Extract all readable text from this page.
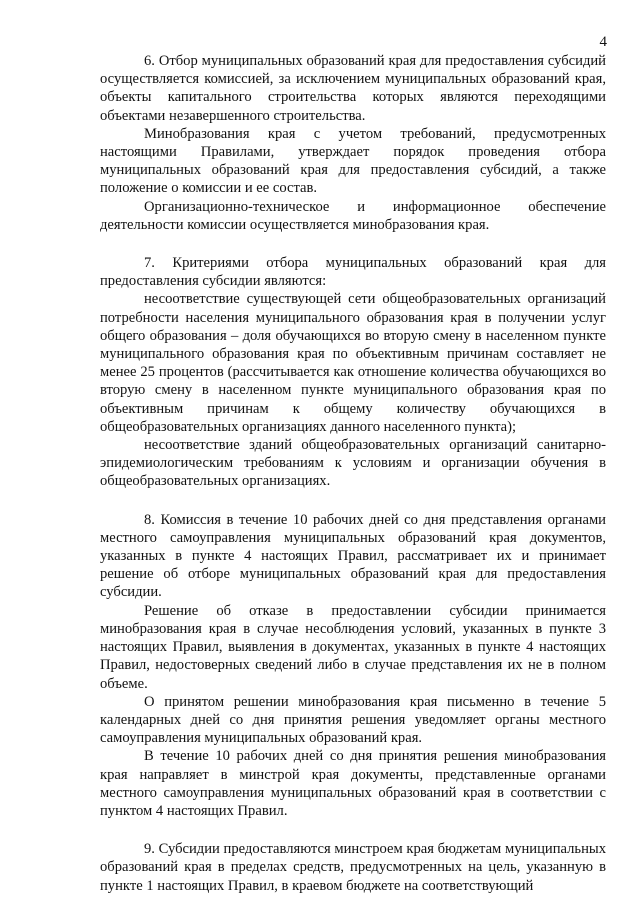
4

6. Отбор муниципальных образований края для предоставления субсидий осуществляется комиссией, за исключением муниципальных образований края, объекты капитального строительства которых являются переходящими объектами незавершенного строительства.

Минобразования края с учетом требований, предусмотренных настоящими Правилами, утверждает порядок проведения отбора муниципальных образований края для предоставления субсидий, а также положение о комиссии и ее состав.

Организационно-техническое и информационное обеспечение деятельности комиссии осуществляется минобразования края.

7. Критериями отбора муниципальных образований края для предоставления субсидии являются:

несоответствие существующей сети общеобразовательных организаций потребности населения муниципального образования края в получении услуг общего образования – доля обучающихся во вторую смену в населенном пункте муниципального образования края по объективным причинам составляет не менее 25 процентов (рассчитывается как отношение количества обучающихся во вторую смену в населенном пункте муниципального образования края по объективным причинам к общему количеству обучающихся в общеобразовательных организациях данного населенного пункта);

несоответствие зданий общеобразовательных организаций санитарно-эпидемиологическим требованиям к условиям и организации обучения в общеобразовательных организациях.

8. Комиссия в течение 10 рабочих дней со дня представления органами местного самоуправления муниципальных образований края документов, указанных в пункте 4 настоящих Правил, рассматривает их и принимает решение об отборе муниципальных образований края для предоставления субсидии.

Решение об отказе в предоставлении субсидии принимается минобразования края в случае несоблюдения условий, указанных в пункте 3 настоящих Правил, выявления в документах, указанных в пункте 4 настоящих Правил, недостоверных сведений либо в случае представления их не в полном объеме.

О принятом решении минобразования края письменно в течение 5 календарных дней со дня принятия решения уведомляет органы местного самоуправления муниципальных образований края.

В течение 10 рабочих дней со дня принятия решения минобразования края направляет в минстрой края документы, представленные органами местного самоуправления муниципальных образований края в соответствии с пунктом 4 настоящих Правил.

9. Субсидии предоставляются минстроем края бюджетам муниципальных образований края в пределах средств, предусмотренных на цель, указанную в пункте 1 настоящих Правил, в краевом бюджете на соответствующий
